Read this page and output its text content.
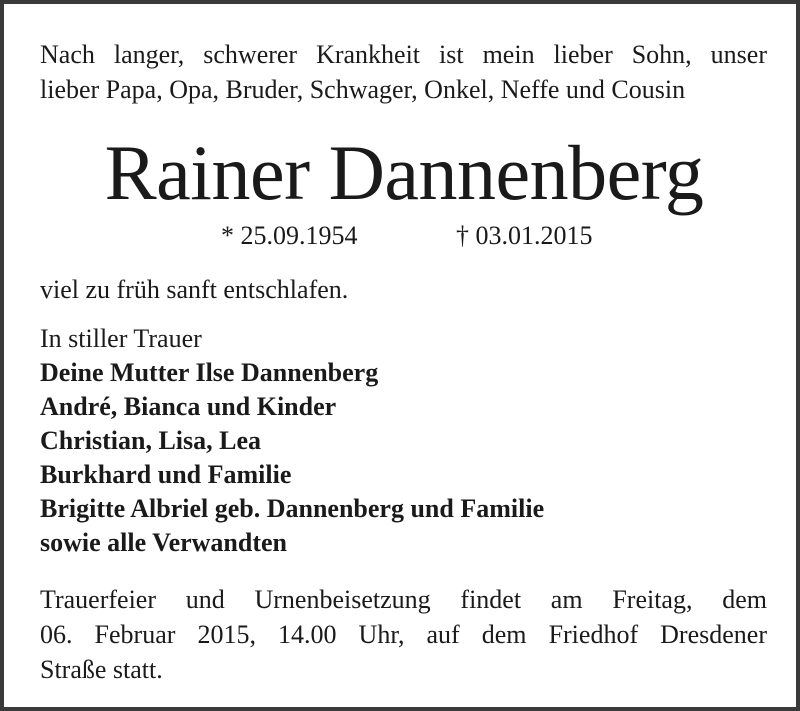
Nach langer, schwerer Krankheit ist mein lieber Sohn, unser
lieber Papa, Opa, Bruder, Schwager, Onkel, Neffe und Cousin

Rainer Dannenberg
* 25.09.1954	† 03.01.2015

viel zu früh sanft entschlafen.

In stiller Trauer
Deine Mutter Ilse Dannenberg
André, Bianca und Kinder
Christian, Lisa, Lea
Burkhard und Familie
Brigitte Albriel geb. Dannenberg und Familie
sowie alle Verwandten

Trauerfeier und Urnenbeisetzung findet am Freitag, dem
06. Februar 2015, 14.00 Uhr, auf dem Friedhof Dresdener
Straße statt.
